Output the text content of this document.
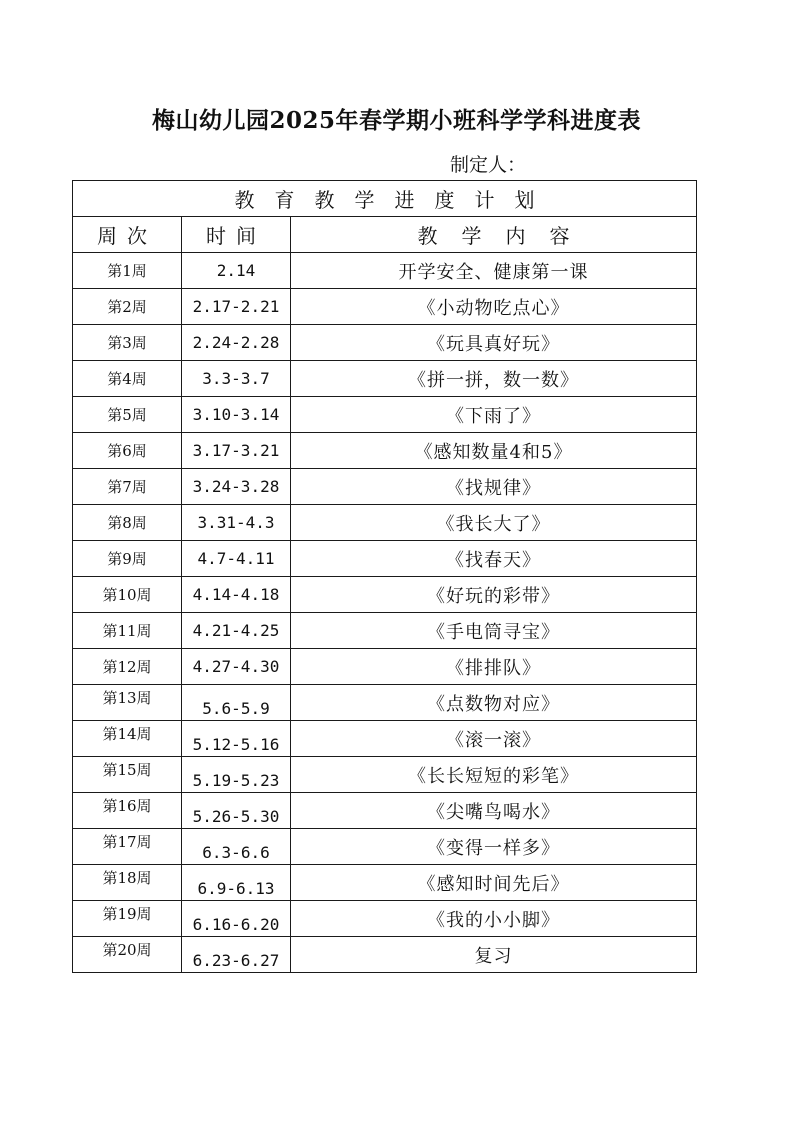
梅山幼儿园2025年春学期小班科学学科进度表
制定人：
教育教学进度计划		
周次	时间	教学内容
第1周	2.14	开学安全、健康第一课
第2周	2.17-2.21	《小动物吃点心》
第3周	2.24-2.28	《玩具真好玩》
第4周	3.3-3.7	《拼一拼，数一数》
第5周	3.10-3.14	《下雨了》
第6周	3.17-3.21	《感知数量4和5》
第7周	3.24-3.28	《找规律》
第8周	3.31-4.3	《我长大了》
第9周	4.7-4.11	《找春天》
第10周	4.14-4.18	《好玩的彩带》
第11周	4.21-4.25	《手电筒寻宝》
第12周	4.27-4.30	《排排队》
第13周	5.6-5.9	《点数物对应》
第14周	5.12-5.16	《滚一滚》
第15周	5.19-5.23	《长长短短的彩笔》
第16周	5.26-5.30	《尖嘴鸟喝水》
第17周	6.3-6.6	《变得一样多》
第18周	6.9-6.13	《感知时间先后》
第19周	6.16-6.20	《我的小小脚》
第20周	6.23-6.27	复习
